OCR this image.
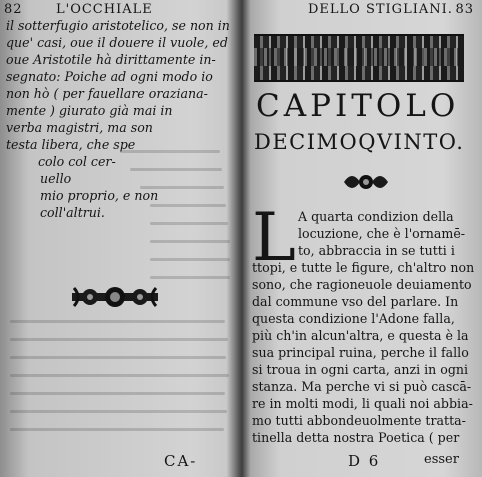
82	L'OCCHIALE
il sotterfugio aristotelico, se non in
que' casi, oue il douere il vuole, ed
oue Aristotile hà dirittamente in-
segnato: Poiche ad ogni modo io
non hò ( per fauellare oraziana-
mente ) giurato già mai in
verba magistri, ma son
testa libera, che spe
colo col cer-
uello
mio proprio, e non
coll'altrui.
CA-
DELLO STIGLIANI. 83
CAPITOLO
DECIMOQVINTO.
L A quarta condizion della
locuzione, che è l'ornamē-
to, abbraccia in se tutti i
ttopi, e tutte le figure, ch'altro non
sono, che ragioneuole deuiamento
dal commune vso del parlare. In
questa condizione l'Adone falla,
più ch'in alcun'altra, e questa è la
sua principal ruina, perche il fallo
si troua in ogni carta, anzi in ogni
stanza. Ma perche vi si può cascā-
re in molti modi, li quali noi abbia-
mo tutti abbondeuolmente tratta-
tinella detta nostra Poetica ( per
D 6	esser
